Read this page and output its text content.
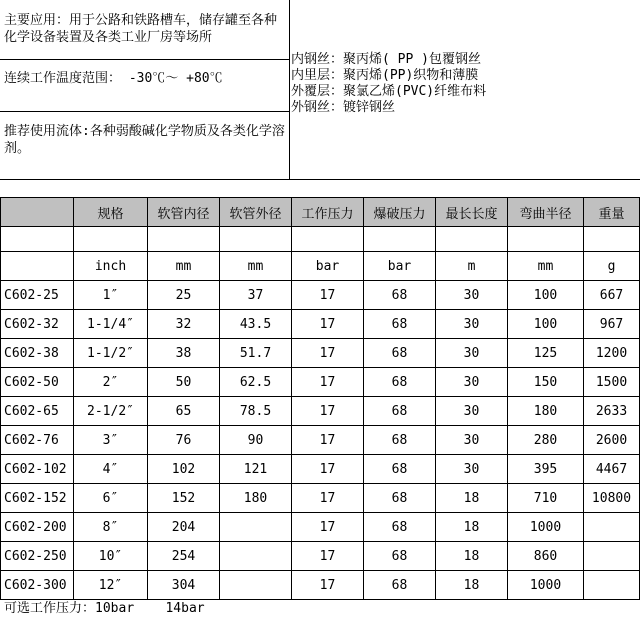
主要应用：用于公路和铁路槽车，储存罐至各种化学设备装置及各类工业厂房等场所
连续工作温度范围： -30℃～ +80℃
推荐使用流体:各种弱酸碱化学物质及各类化学溶剂。
内钢丝：聚丙烯( PP )包覆钢丝
内里层：聚丙烯(PP)织物和薄膜
外覆层：聚氯乙烯(PVC)纤维布料
外钢丝：镀锌钢丝
	规格	软管内径	软管外径	工作压力	爆破压力	最长长度	弯曲半径	重量

	inch	mm	mm	bar	bar	m	mm	g
C602-25	1″	25	37	17	68	30	100	667
C602-32	1-1/4″	32	43.5	17	68	30	100	967
C602-38	1-1/2″	38	51.7	17	68	30	125	1200
C602-50	2″	50	62.5	17	68	30	150	1500
C602-65	2-1/2″	65	78.5	17	68	30	180	2633
C602-76	3″	76	90	17	68	30	280	2600
C602-102	4″	102	121	17	68	30	395	4467
C602-152	6″	152	180	17	68	18	710	10800
C602-200	8″	204		17	68	18	1000	
C602-250	10″	254		17	68	18	860	
C602-300	12″	304		17	68	18	1000	
可选工作压力：10bar 14bar
